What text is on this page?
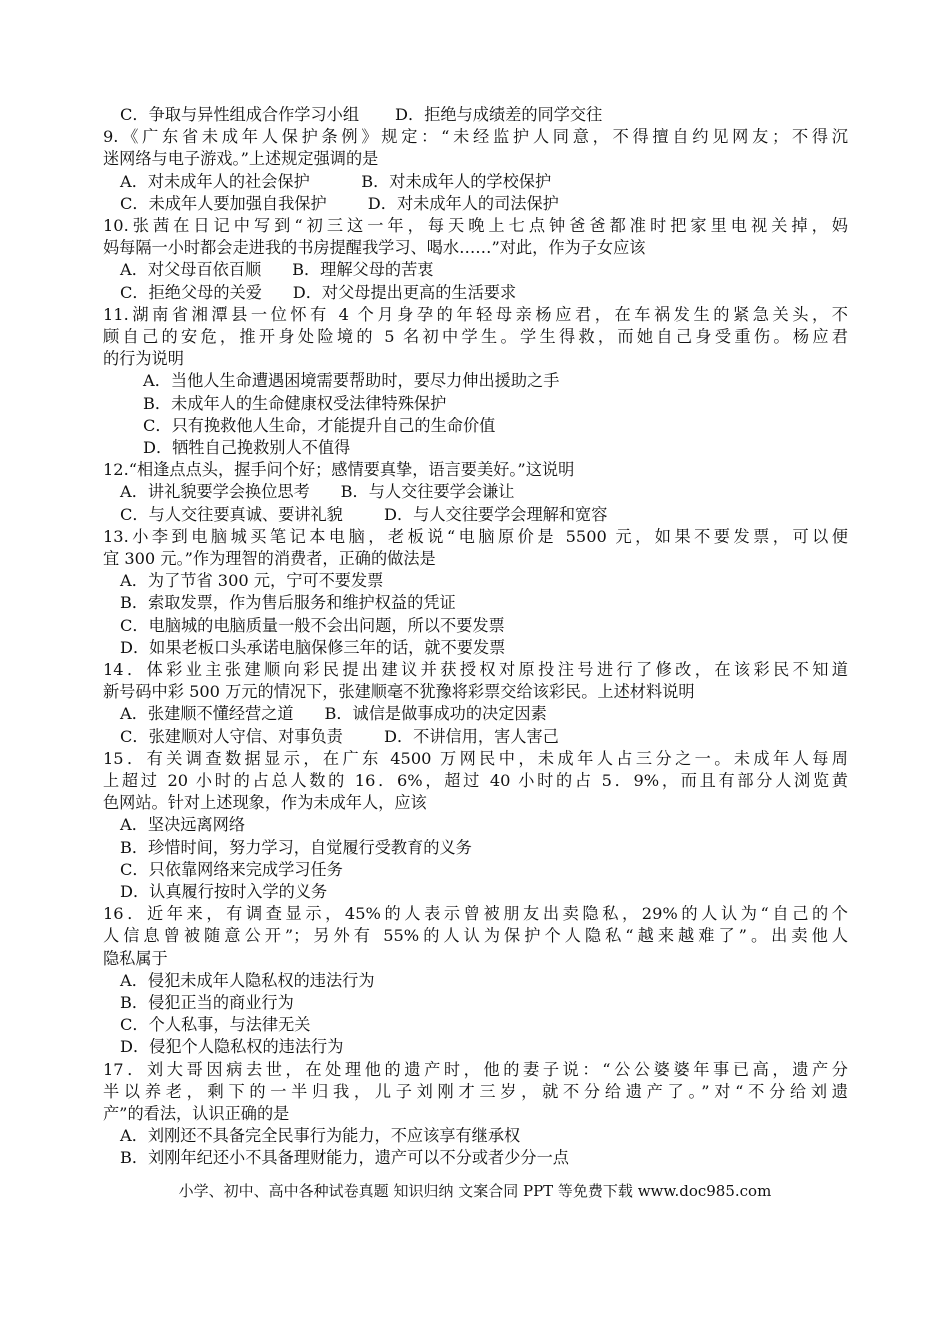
C．争取与异性组成合作学习小组       D．拒绝与成绩差的同学交往
9.《广东省未成年人保护条例》规定：“未经监护人同意，不得擅自约见网友；不得沉
迷网络与电子游戏。”上述规定强调的是
A．对未成年人的社会保护          B．对未成年人的学校保护
C．未成年人要加强自我保护        D．对未成年人的司法保护
10.张茜在日记中写到“初三这一年，每天晚上七点钟爸爸都准时把家里电视关掉，妈
妈每隔一小时都会走进我的书房提醒我学习、喝水……”对此，作为子女应该
A．对父母百依百顺      B．理解父母的苦衷
C．拒绝父母的关爱      D．对父母提出更高的生活要求
11.湖南省湘潭县一位怀有 4 个月身孕的年轻母亲杨应君，在车祸发生的紧急关头，不
顾自己的安危，推开身处险境的 5 名初中学生。学生得救，而她自己身受重伤。杨应君
的行为说明
A．当他人生命遭遇困境需要帮助时，要尽力伸出援助之手
B．未成年人的生命健康权受法律特殊保护
C．只有挽救他人生命，才能提升自己的生命价值
D．牺牲自己挽救别人不值得
12.“相逢点点头，握手问个好；感情要真挚，语言要美好。”这说明
A．讲礼貌要学会换位思考      B．与人交往要学会谦让
C．与人交往要真诚、要讲礼貌        D．与人交往要学会理解和宽容
13.小李到电脑城买笔记本电脑，老板说“电脑原价是 5500 元，如果不要发票，可以便
宜 300 元。”作为理智的消费者，正确的做法是
A．为了节省 300 元，宁可不要发票
B．索取发票，作为售后服务和维护权益的凭证
C．电脑城的电脑质量一般不会出问题，所以不要发票
D．如果老板口头承诺电脑保修三年的话，就不要发票
14．体彩业主张建顺向彩民提出建议并获授权对原投注号进行了修改，在该彩民不知道
新号码中彩 500 万元的情况下，张建顺毫不犹豫将彩票交给该彩民。上述材料说明
A．张建顺不懂经营之道      B．诚信是做事成功的决定因素
C．张建顺对人守信、对事负责        D．不讲信用，害人害己
15．有关调查数据显示，在广东 4500 万网民中，未成年人占三分之一。未成年人每周
上超过 20 小时的占总人数的 16．6%，超过 40 小时的占 5．9%，而且有部分人浏览黄
色网站。针对上述现象，作为未成年人，应该
A．坚决远离网络
B．珍惜时间，努力学习，自觉履行受教育的义务
C．只依靠网络来完成学习任务
D．认真履行按时入学的义务
16．近年来，有调查显示，45%的人表示曾被朋友出卖隐私，29%的人认为“自己的个
人信息曾被随意公开”；另外有 55%的人认为保护个人隐私“越来越难了”。出卖他人
隐私属于
A．侵犯未成年人隐私权的违法行为
B．侵犯正当的商业行为
C．个人私事，与法律无关
D．侵犯个人隐私权的违法行为
17．刘大哥因病去世，在处理他的遗产时，他的妻子说：“公公婆婆年事已高，遗产分
半以养老，剩下的一半归我，儿子刘刚才三岁，就不分给遗产了。”对“不分给刘遗
产”的看法，认识正确的是
A．刘刚还不具备完全民事行为能力，不应该享有继承权
B．刘刚年纪还小不具备理财能力，遗产可以不分或者少分一点
小学、初中、高中各种试卷真题 知识归纳 文案合同 PPT 等免费下载 www.doc985.com
